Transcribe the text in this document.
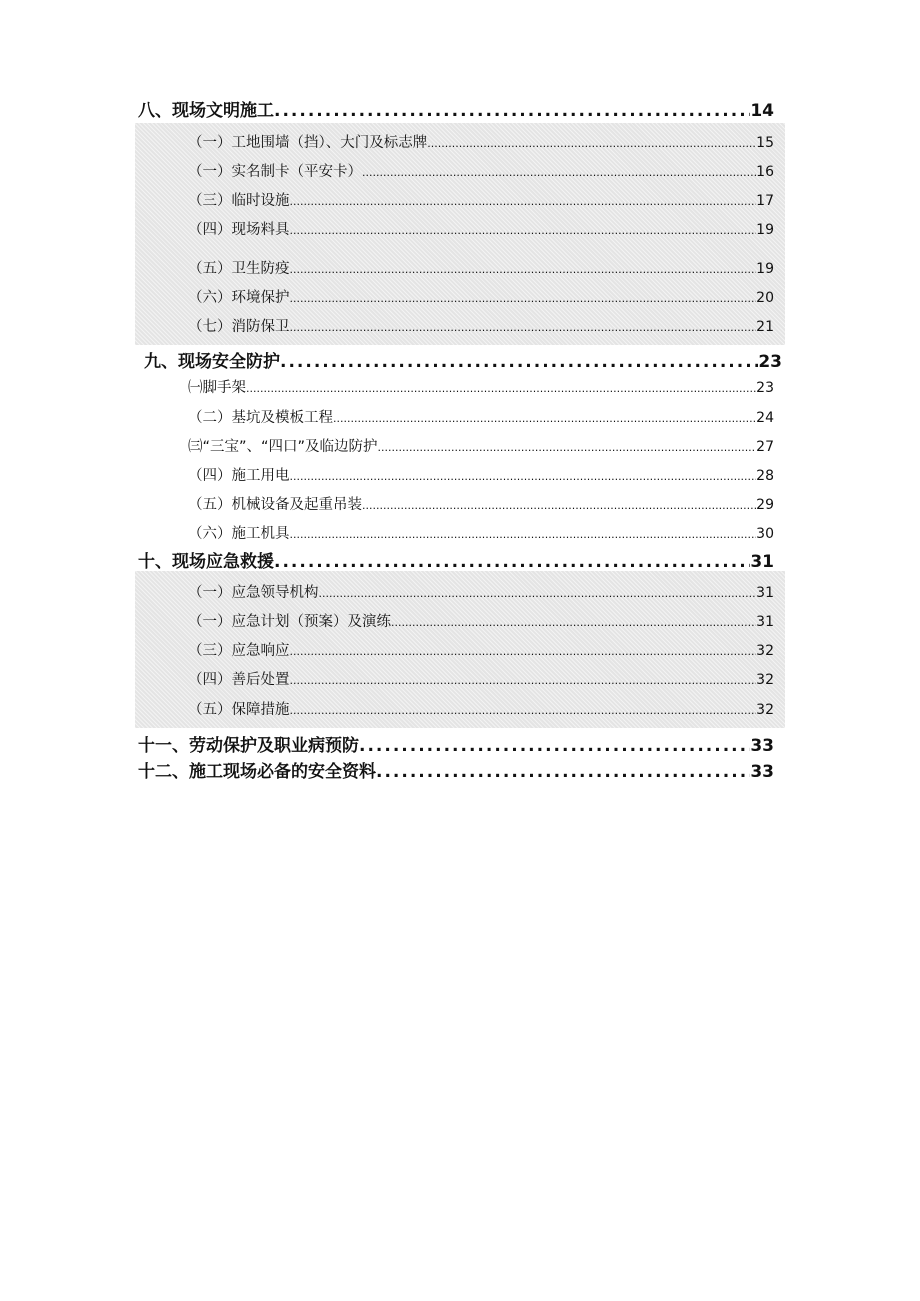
八、现场文明施工 .....	14
（一）工地围墙（挡）、大门及标志牌 .....	15
（一）实名制卡（平安卡） .....	16
（三）临时设施 .....	17
（四）现场料具 .....	19
（五）卫生防疫 .....	19
（六）环境保护 .....	20
（七）消防保卫 .....	21
九、现场安全防护 .....	23
㈠脚手架 .....	23
（二）基坑及模板工程 .....	24
㈢“三宝”、“四口”及临边防护 .....	27
（四）施工用电 .....	28
（五）机械设备及起重吊装 .....	29
（六）施工机具 .....	30
十、现场应急救援 .....	31
（一）应急领导机构 .....	31
（一）应急计划（预案）及演练 .....	31
（三）应急响应 .....	32
（四）善后处置 .....	32
（五）保障措施 .....	32
十一、劳动保护及职业病预防 .....	33
十二、施工现场必备的安全资料 .....	33
